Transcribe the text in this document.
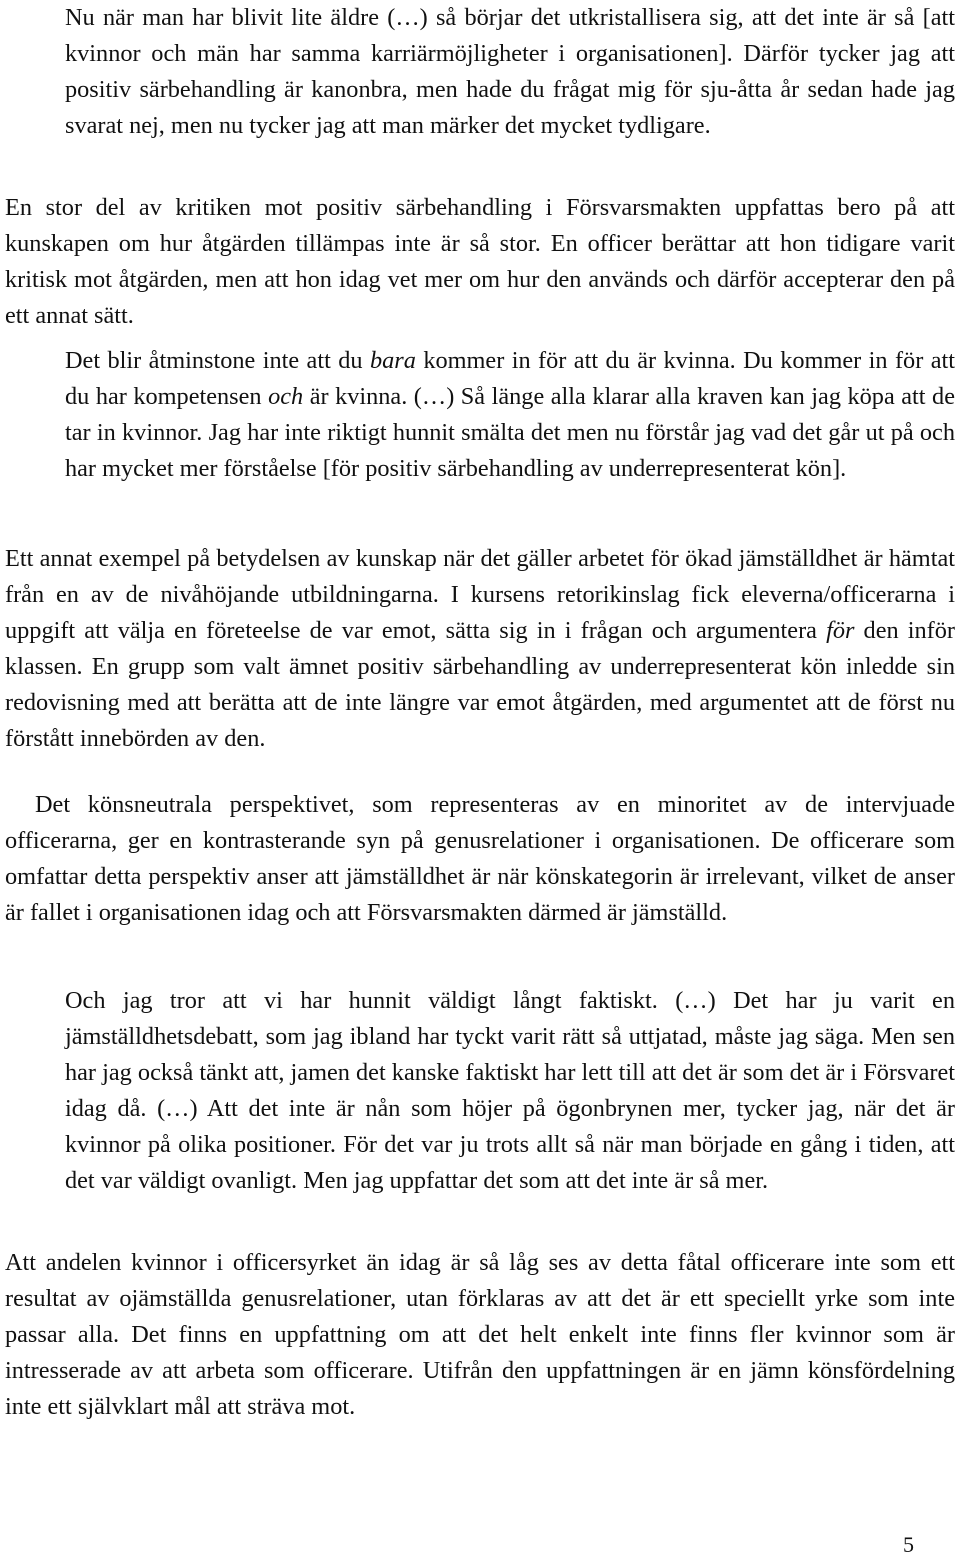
Nu när man har blivit lite äldre (…) så börjar det utkristallisera sig, att det inte är så [att kvinnor och män har samma karriärmöjligheter i organisationen]. Därför tycker jag att positiv särbehandling är kanonbra, men hade du frågat mig för sju-åtta år sedan hade jag svarat nej, men nu tycker jag att man märker det mycket tydligare.

En stor del av kritiken mot positiv särbehandling i Försvarsmakten uppfattas bero på att kunskapen om hur åtgärden tillämpas inte är så stor. En officer berättar att hon tidigare varit kritisk mot åtgärden, men att hon idag vet mer om hur den används och därför accepterar den på ett annat sätt.

Det blir åtminstone inte att du bara kommer in för att du är kvinna. Du kommer in för att du har kompetensen och är kvinna. (…) Så länge alla klarar alla kraven kan jag köpa att de tar in kvinnor. Jag har inte riktigt hunnit smälta det men nu förstår jag vad det går ut på och har mycket mer förståelse [för positiv särbehandling av underrepresenterat kön].

Ett annat exempel på betydelsen av kunskap när det gäller arbetet för ökad jämställdhet är hämtat från en av de nivåhöjande utbildningarna. I kursens retorikinslag fick eleverna/officerarna i uppgift att välja en företeelse de var emot, sätta sig in i frågan och argumentera för den inför klassen. En grupp som valt ämnet positiv särbehandling av underrepresenterat kön inledde sin redovisning med att berätta att de inte längre var emot åtgärden, med argumentet att de först nu förstått innebörden av den.

Det könsneutrala perspektivet, som representeras av en minoritet av de intervjuade officerarna, ger en kontrasterande syn på genusrelationer i organisationen. De officerare som omfattar detta perspektiv anser att jämställdhet är när könskategorin är irrelevant, vilket de anser är fallet i organisationen idag och att Försvarsmakten därmed är jämställd.

Och jag tror att vi har hunnit väldigt långt faktiskt. (…) Det har ju varit en jämställdhetsdebatt, som jag ibland har tyckt varit rätt så uttjatad, måste jag säga. Men sen har jag också tänkt att, jamen det kanske faktiskt har lett till att det är som det är i Försvaret idag då. (…) Att det inte är nån som höjer på ögonbrynen mer, tycker jag, när det är kvinnor på olika positioner. För det var ju trots allt så när man började en gång i tiden, att det var väldigt ovanligt. Men jag uppfattar det som att det inte är så mer.

Att andelen kvinnor i officersyrket än idag är så låg ses av detta fåtal officerare inte som ett resultat av ojämställda genusrelationer, utan förklaras av att det är ett speciellt yrke som inte passar alla. Det finns en uppfattning om att det helt enkelt inte finns fler kvinnor som är intresserade av att arbeta som officerare. Utifrån den uppfattningen är en jämn könsfördelning inte ett självklart mål att sträva mot.

5
